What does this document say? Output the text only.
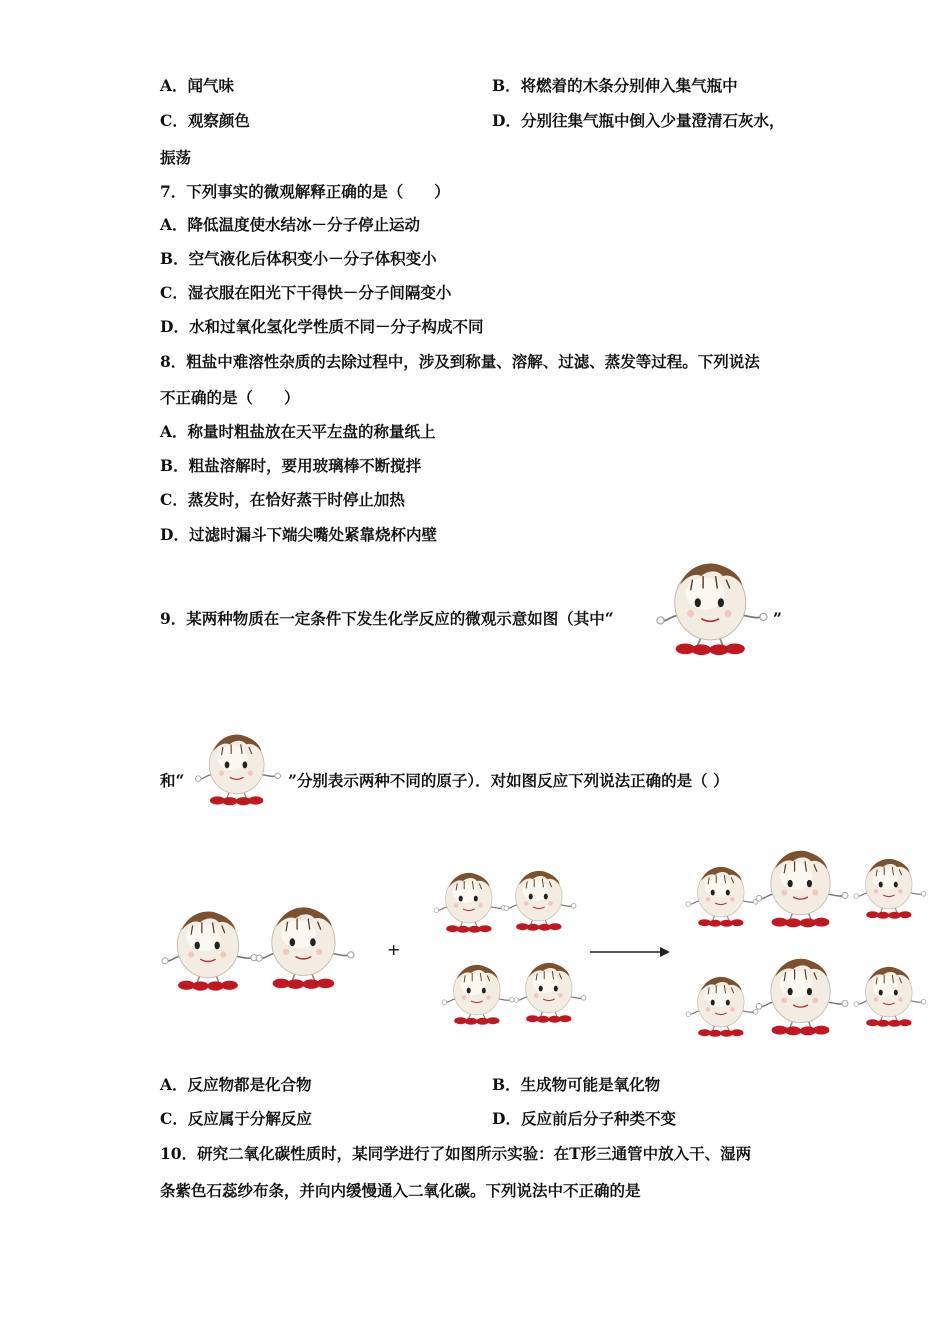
A．闻气味	B．将燃着的木条分别伸入集气瓶中
C．观察颜色	D．分别往集气瓶中倒入少量澄清石灰水，
振荡
7．下列事实的微观解释正确的是（　　）
A．降低温度使水结冰－分子停止运动
B．空气液化后体积变小－分子体积变小
C．湿衣服在阳光下干得快－分子间隔变小
D．水和过氧化氢化学性质不同－分子构成不同
8．粗盐中难溶性杂质的去除过程中，涉及到称量、溶解、过滤、蒸发等过程。下列说法
不正确的是（　　）
A．称量时粗盐放在天平左盘的称量纸上
B．粗盐溶解时，要用玻璃棒不断搅拌
C．蒸发时，在恰好蒸干时停止加热
D．过滤时漏斗下端尖嘴处紧靠烧杯内壁
9．某两种物质在一定条件下发生化学反应的微观示意如图（其中“	”
和“	”分别表示两种不同的原子）．对如图反应下列说法正确的是（ ）
+
A．反应物都是化合物	B．生成物可能是氧化物
C．反应属于分解反应	D．反应前后分子种类不变
10．研究二氧化碳性质时，某同学进行了如图所示实验：在T形三通管中放入干、湿两
条紫色石蕊纱布条，并向内缓慢通入二氧化碳。下列说法中不正确的是
